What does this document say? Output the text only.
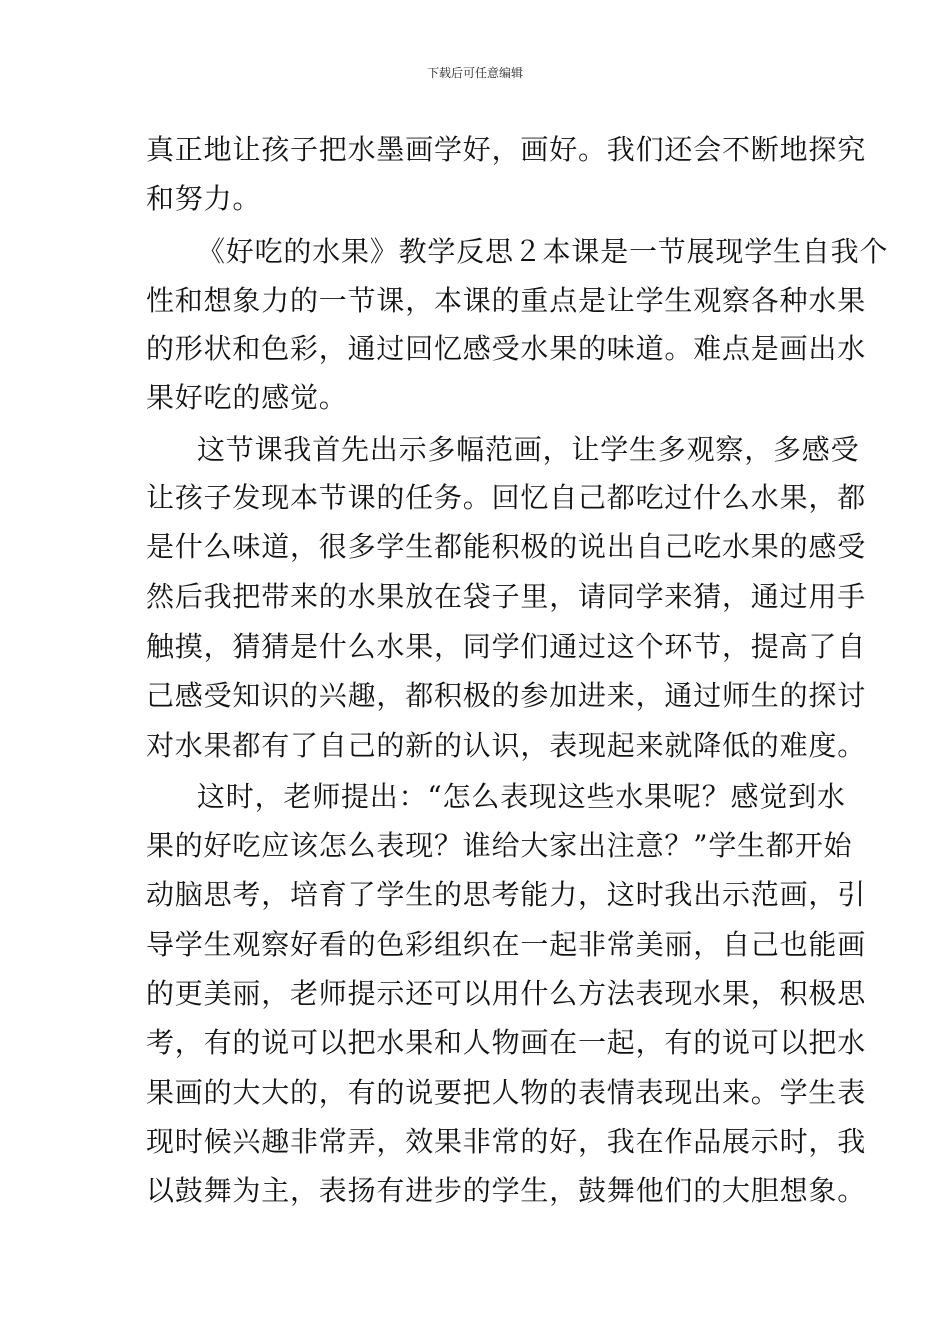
下载后可任意编辑
真正地让孩子把水墨画学好，画好。我们还会不断地探究
和努力。
《好吃的水果》教学反思２本课是一节展现学生自我个
性和想象力的一节课，本课的重点是让学生观察各种水果
的形状和色彩，通过回忆感受水果的味道。难点是画出水
果好吃的感觉。
这节课我首先出示多幅范画，让学生多观察，多感受
让孩子发现本节课的任务。回忆自己都吃过什么水果，都
是什么味道，很多学生都能积极的说出自己吃水果的感受
然后我把带来的水果放在袋子里，请同学来猜，通过用手
触摸，猜猜是什么水果，同学们通过这个环节，提高了自
己感受知识的兴趣，都积极的参加进来，通过师生的探讨
对水果都有了自己的新的认识，表现起来就降低的难度。
这时，老师提出：“怎么表现这些水果呢？感觉到水
果的好吃应该怎么表现？谁给大家出注意？”学生都开始
动脑思考，培育了学生的思考能力，这时我出示范画，引
导学生观察好看的色彩组织在一起非常美丽，自己也能画
的更美丽，老师提示还可以用什么方法表现水果，积极思
考，有的说可以把水果和人物画在一起，有的说可以把水
果画的大大的，有的说要把人物的表情表现出来。学生表
现时候兴趣非常弄，效果非常的好，我在作品展示时，我
以鼓舞为主，表扬有进步的学生，鼓舞他们的大胆想象。
